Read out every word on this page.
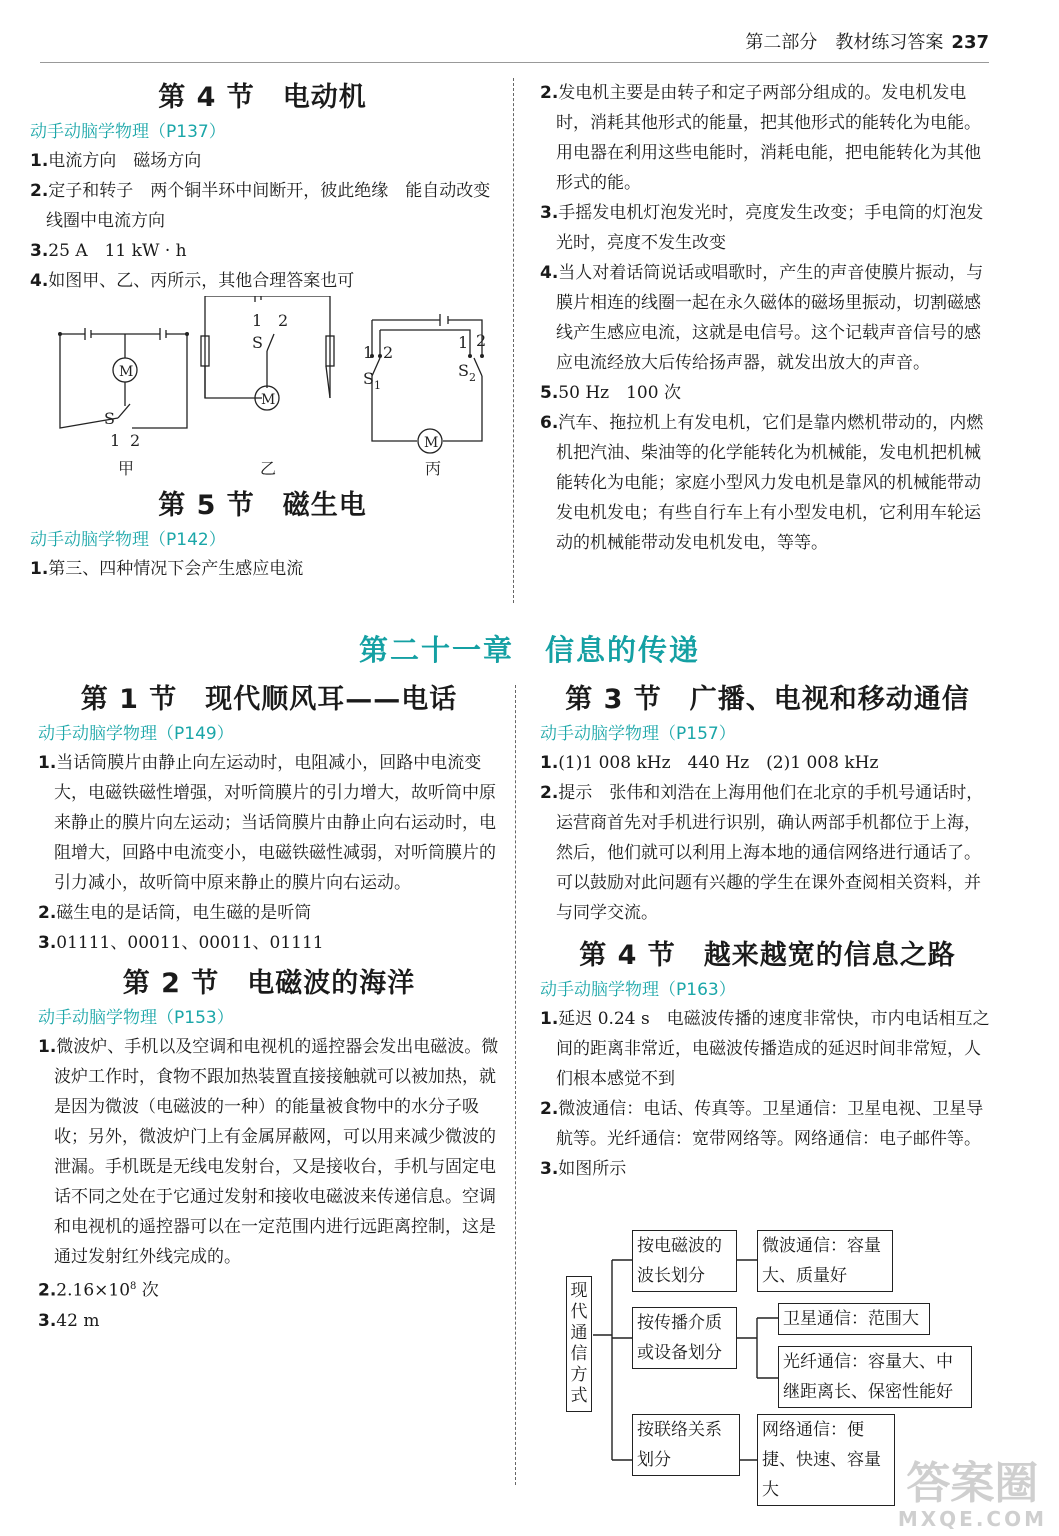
第二部分　教材练习答案 237
第 4 节　电动机
动手动脑学物理（P137）
1.电流方向　磁场方向
2.定子和转子　两个铜半环中间断开，彼此绝缘　能自动改变线圈中电流方向
3.25 A　11 kW · h
4.如图甲、乙、丙所示，其他合理答案也可
M
S
1 2
甲
M
1 2
S
乙
M
1 2
S 1
1 2
S 2
丙
第 5 节　磁生电
动手动脑学物理（P142）
1.第三、四种情况下会产生感应电流
2.发电机主要是由转子和定子两部分组成的。发电机发电时，消耗其他形式的能量，把其他形式的能转化为电能。用电器在利用这些电能时，消耗电能，把电能转化为其他形式的能。
3.手摇发电机灯泡发光时，亮度发生改变；手电筒的灯泡发光时，亮度不发生改变
4.当人对着话筒说话或唱歌时，产生的声音使膜片振动，与膜片相连的线圈一起在永久磁体的磁场里振动，切割磁感线产生感应电流，这就是电信号。这个记载声音信号的感应电流经放大后传给扬声器，就发出放大的声音。
5.50 Hz　100 次
6.汽车、拖拉机上有发电机，它们是靠内燃机带动的，内燃机把汽油、柴油等的化学能转化为机械能，发电机把机械能转化为电能；家庭小型风力发电机是靠风的机械能带动发电机发电；有些自行车上有小型发电机，它利用车轮运动的机械能带动发电机发电，等等。
第二十一章　信息的传递
第 1 节　现代顺风耳——电话
动手动脑学物理（P149）
1.当话筒膜片由静止向左运动时，电阻减小，回路中电流变大，电磁铁磁性增强，对听筒膜片的引力增大，故听筒中原来静止的膜片向左运动；当话筒膜片由静止向右运动时，电阻增大，回路中电流变小，电磁铁磁性减弱，对听筒膜片的引力减小，故听筒中原来静止的膜片向右运动。
2.磁生电的是话筒，电生磁的是听筒
3.01111、00011、00011、01111
第 2 节　电磁波的海洋
动手动脑学物理（P153）
1.微波炉、手机以及空调和电视机的遥控器会发出电磁波。微波炉工作时，食物不跟加热装置直接接触就可以被加热，就是因为微波（电磁波的一种）的能量被食物中的水分子吸收；另外，微波炉门上有金属屏蔽网，可以用来减少微波的泄漏。手机既是无线电发射台，又是接收台，手机与固定电话不同之处在于它通过发射和接收电磁波来传递信息。空调和电视机的遥控器可以在一定范围内进行远距离控制，这是通过发射红外线完成的。
$2.2.16\times 10^8$ 次
3.42 m
第 3 节　广播、电视和移动通信
动手动脑学物理（P157）
1.(1)1 008 kHz　440 Hz　(2)1 008 kHz
2.提示　张伟和刘浩在上海用他们在北京的手机号通话时，运营商首先对手机进行识别，确认两部手机都位于上海，然后，他们就可以利用上海本地的通信网络进行通话了。可以鼓励对此问题有兴趣的学生在课外查阅相关资料，并与同学交流。
第 4 节　越来越宽的信息之路
动手动脑学物理（P163）
1.延迟 0.24 s　电磁波传播的速度非常快，市内电话相互之间的距离非常近，电磁波传播造成的延迟时间非常短，人们根本感觉不到
2.微波通信：电话、传真等。卫星通信：卫星电视、卫星导航等。光纤通信：宽带网络等。网络通信：电子邮件等。
3.如图所示
现代通信方式
按电磁波的波长划分
微波通信：容量大、质量好
按传播介质或设备划分
卫星通信：范围大
光纤通信：容量大、中继距离长、保密性能好
按联络关系划分
网络通信：便捷、快速、容量大	答案圈
MXQE.COM
